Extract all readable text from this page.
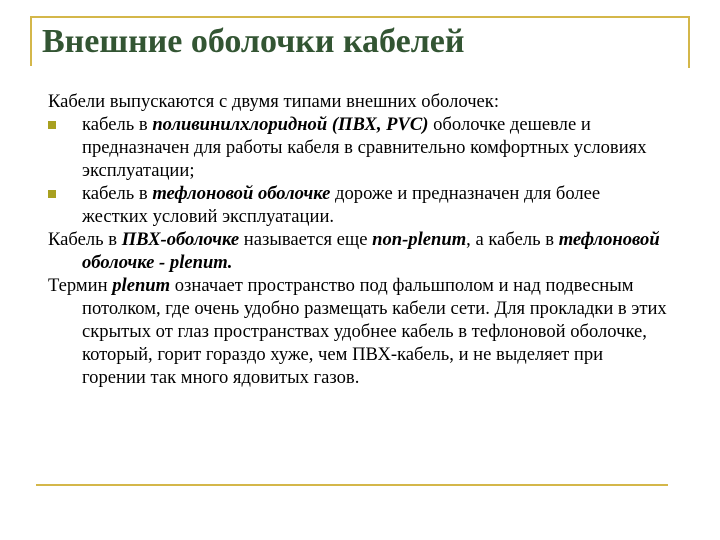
Внешние оболочки кабелей

Кабели выпускаются с двумя типами внешних оболочек:

кабель в поливинилхлоридной (ПВХ, PVC) оболочке дешевле и предназначен для работы кабеля в сравнительно комфортных условиях эксплуатации;

кабель в тефлоновой оболочке дороже и предназначен для более жестких условий эксплуатации.

Кабель в ПВХ-оболочке называется еще non-plenum, а кабель в тефлоновой оболочке - plenum.

Термин plenum означает пространство под фальшполом и над подвесным потолком, где очень удобно размещать кабели сети. Для прокладки в этих скрытых от глаз пространствах удобнее кабель в тефлоновой оболочке, который, горит гораздо хуже, чем ПВХ-кабель, и не выделяет при горении так много ядовитых газов.
